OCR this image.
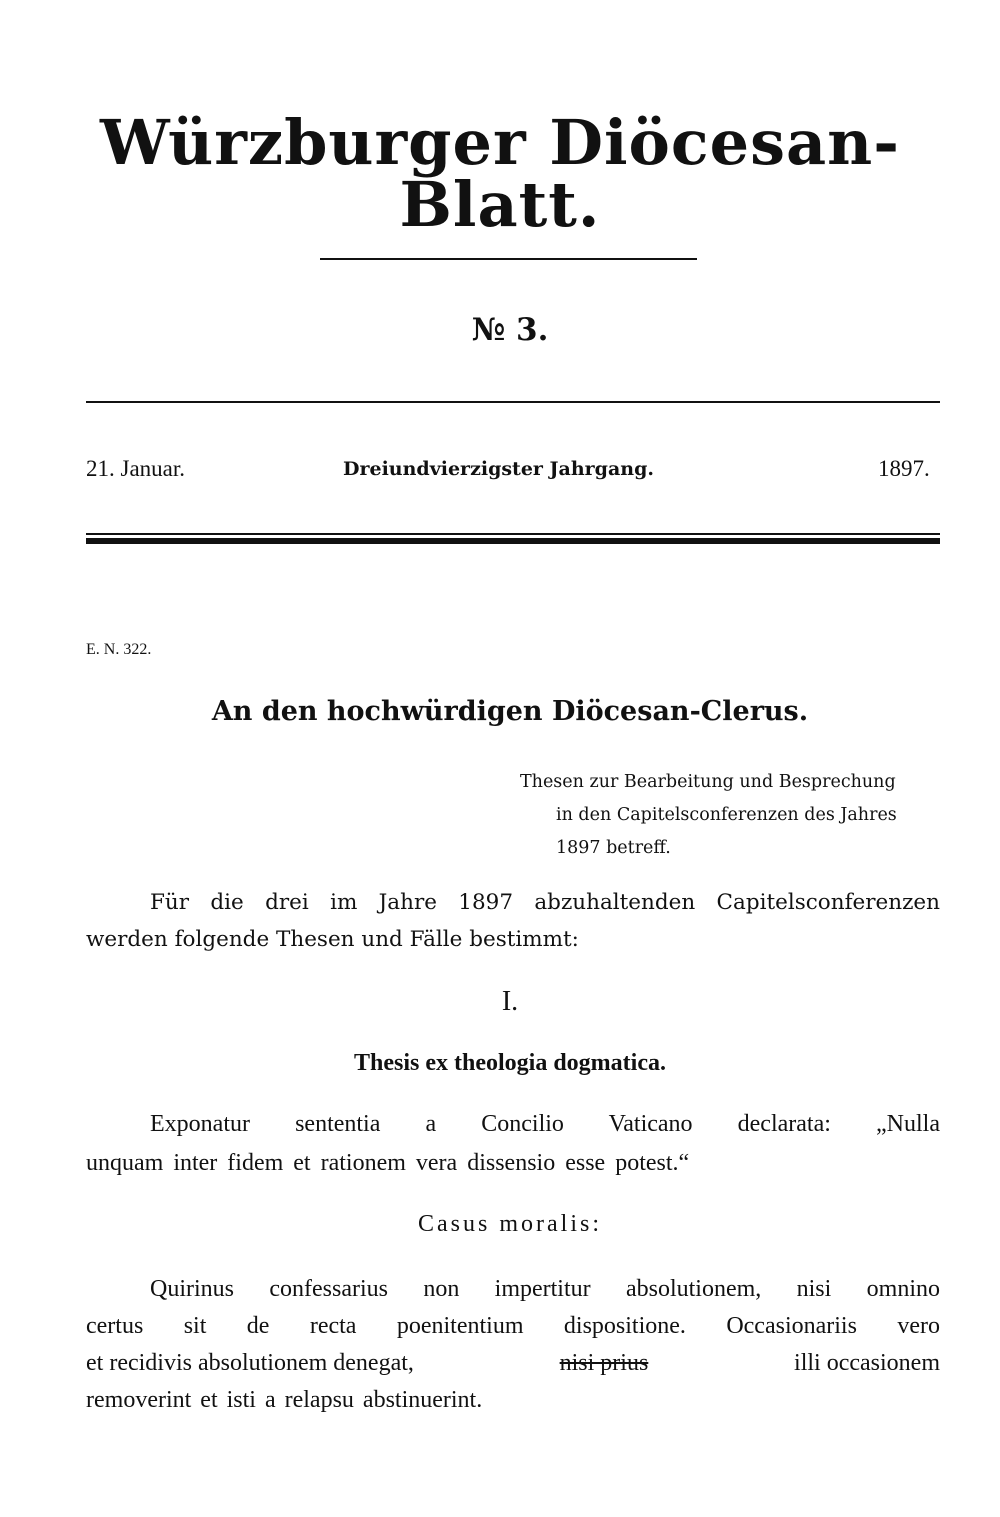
Würzburger Diöcesan-Blatt.
№ 3.
21. Januar.	Dreiundvierzigster Jahrgang.	1897.
E. N. 322.
An den hochwürdigen Diöcesan-Clerus.
Thesen zur Bearbeitung und Besprechung
in den Capitelsconferenzen des Jahres
1897 betreff.
Für die drei im Jahre 1897 abzuhaltenden Capitelsconferenzen
werden folgende Thesen und Fälle bestimmt:
I.
Thesis ex theologia dogmatica.
Exponatur sententia a Concilio Vaticano declarata: „Nulla
unquam inter fidem et rationem vera dissensio esse potest.“
Casus moralis:
Quirinus confessarius non impertitur absolutionem, nisi omnino
certus sit de recta poenitentium dispositione. Occasionariis vero
et recidivis absolutionem denegat,	nisi prius	illi occasionem
removerint et isti a relapsu abstinuerint.
